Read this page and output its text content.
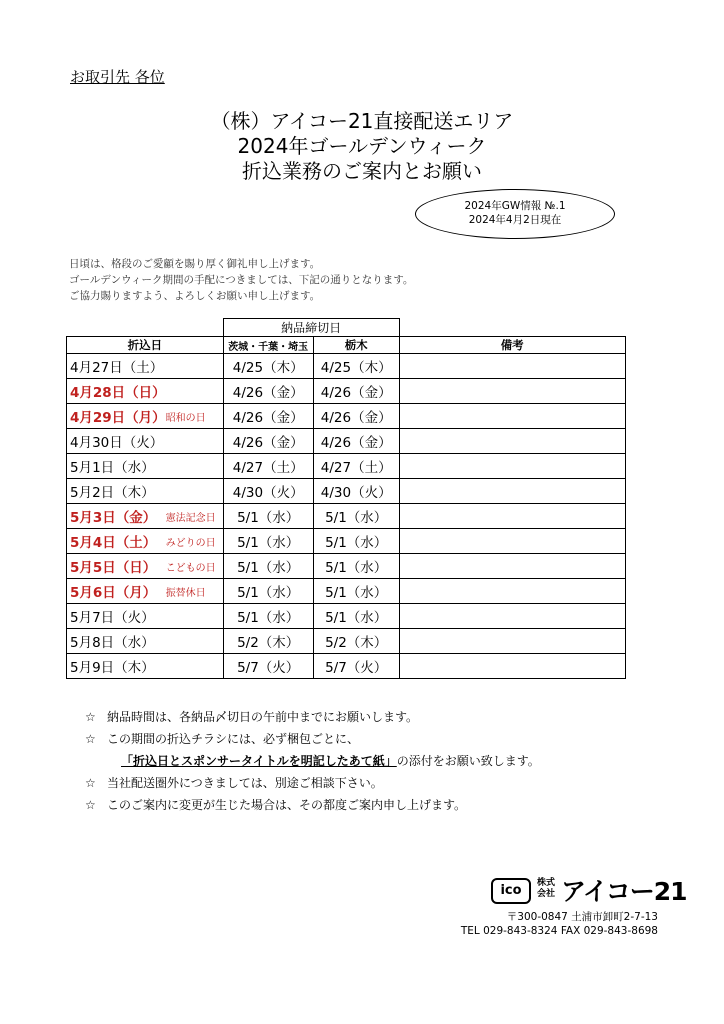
お取引先 各位
（株）アイコー21直接配送エリア
2024年ゴールデンウィーク
折込業務のご案内とお願い
2024年GW情報 №.1
2024年4月2日現在
日頃は、格段のご愛顧を賜り厚く御礼申し上げます。
ゴールデンウィーク期間の手配につきましては、下記の通りとなります。
ご協力賜りますよう、よろしくお願い申し上げます。
		納品締切日		
折込日		茨城・千葉・埼玉	栃木	備考
4月27日（土）		4/25（木）	4/25（木）	
4月28日（日）		4/26（金）	4/26（金）	
4月29日（月）	昭和の日	4/26（金）	4/26（金）	
4月30日（火）		4/26（金）	4/26（金）	
5月1日（水）		4/27（土）	4/27（土）	
5月2日（木）		4/30（火）	4/30（火）	
5月3日（金）	憲法記念日	5/1（水）	5/1（水）	
5月4日（土）	みどりの日	5/1（水）	5/1（水）	
5月5日（日）	こどもの日	5/1（水）	5/1（水）	
5月6日（月）	振替休日	5/1（水）	5/1（水）	
5月7日（火）		5/1（水）	5/1（水）	
5月8日（水）		5/2（木）	5/2（木）	
5月9日（木）		5/7（火）	5/7（火）	
☆ 納品時間は、各納品〆切日の午前中までにお願いします。
☆ この期間の折込チラシには、必ず梱包ごとに、
「折込日とスポンサータイトルを明記したあて紙」の添付をお願い致します。
☆ 当社配送圏外につきましては、別途ご相談下さい。
☆ このご案内に変更が生じた場合は、その都度ご案内申し上げます。
ico	株式会社 アイコー21
〒300-0847 土浦市卸町2-7-13
TEL 029-843-8324 FAX 029-843-8698
